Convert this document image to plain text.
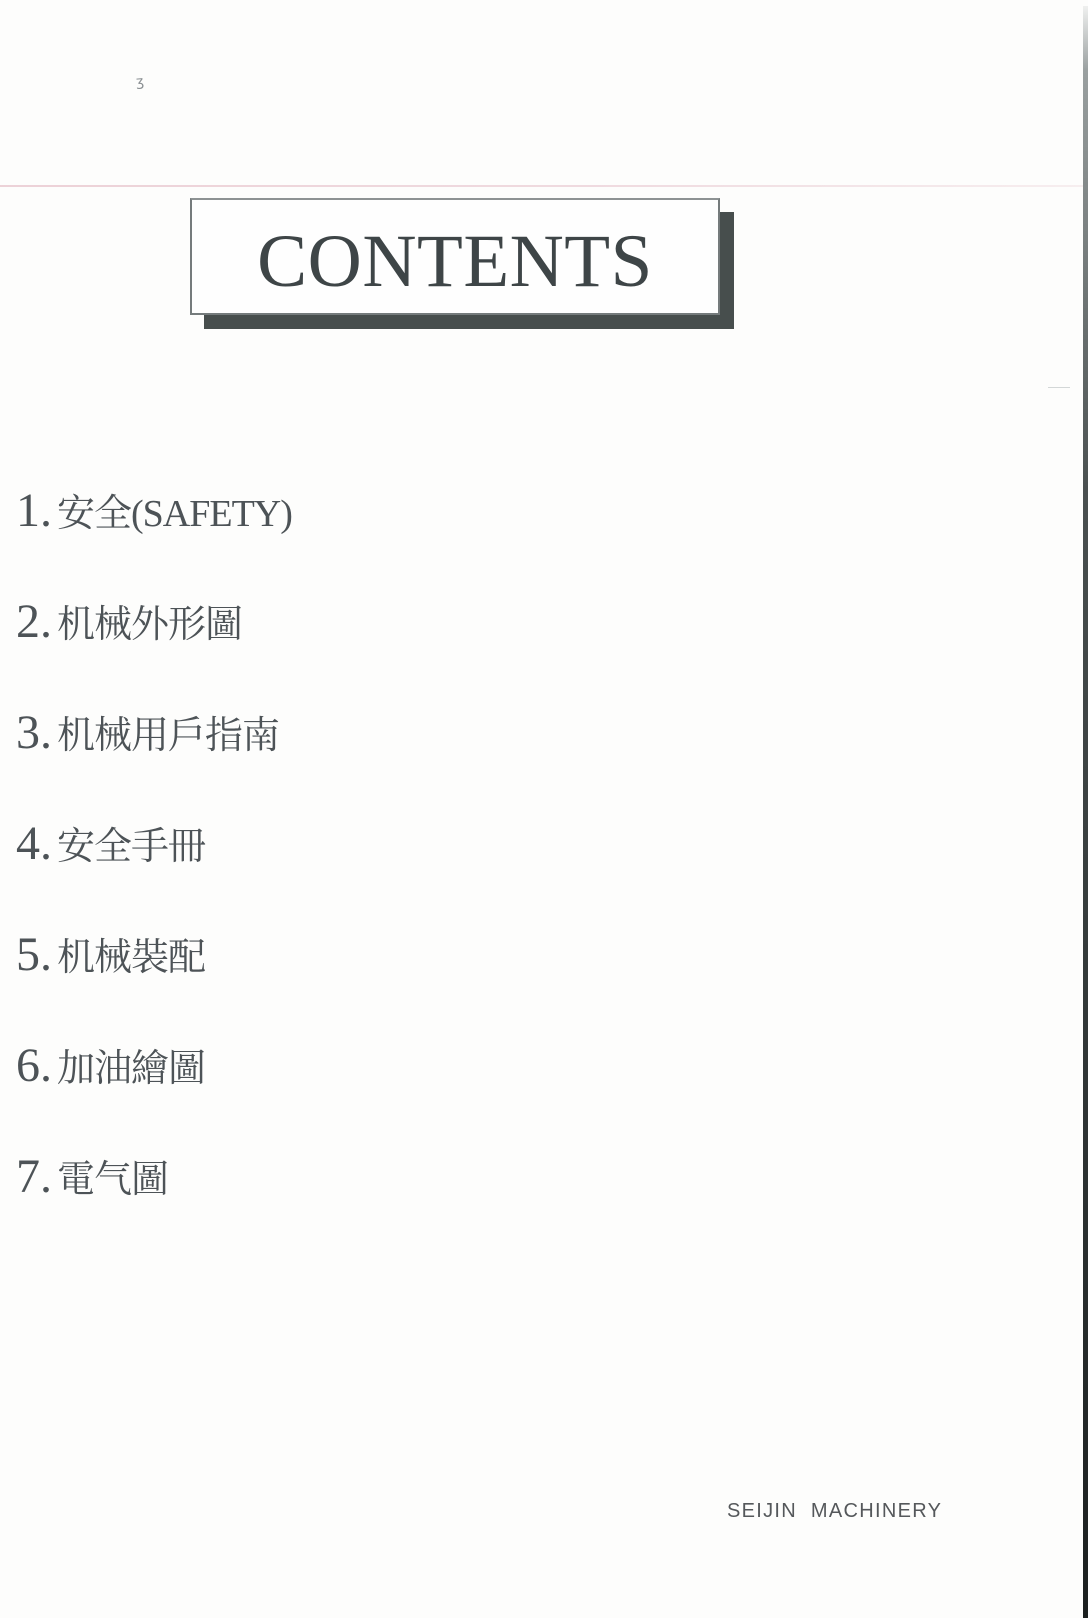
ʒ
CONTENTS
1. 安全(SAFETY)
2. 机械外形圖
3. 机械用戶指南
4. 安全手冊
5. 机械裝配
6. 加油繪圖
7. 電气圖
SEIJIN MACHINERY
